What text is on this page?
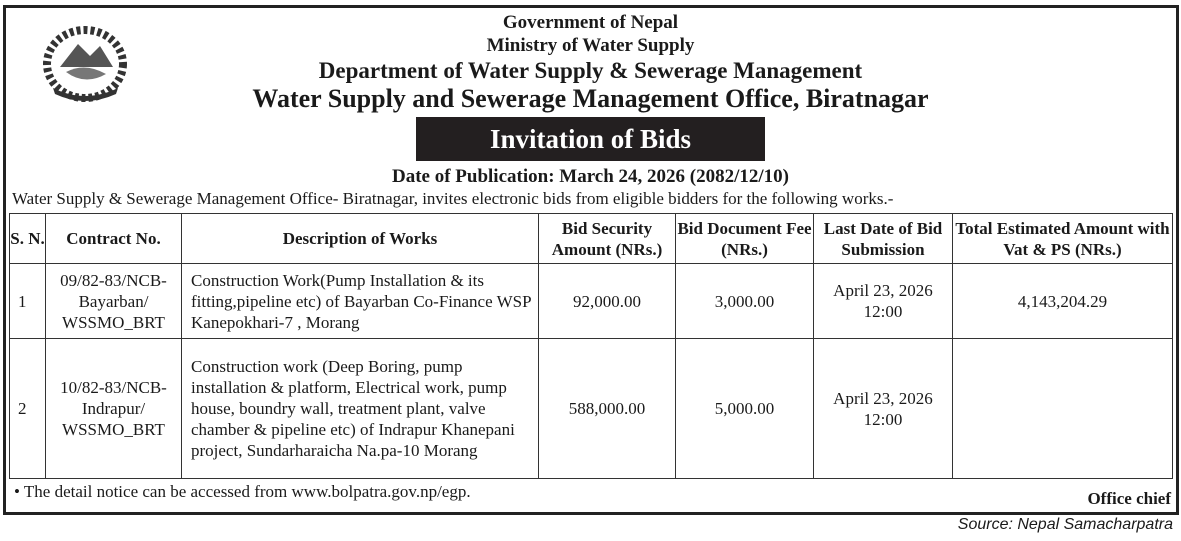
Government of Nepal
Ministry of Water Supply
Department of Water Supply & Sewerage Management
Water Supply and Sewerage Management Office, Biratnagar
Invitation of Bids
Date of Publication: March 24, 2026 (2082/12/10)
Water Supply & Sewerage Management Office- Biratnagar, invites electronic bids from eligible bidders for the following works.-
S. N.	Contract No.	Description of Works	Bid Security Amount (NRs.)	Bid Document Fee (NRs.)	Last Date of Bid Submission	Total Estimated Amount with Vat & PS (NRs.)
1	09/82-83/NCB-Bayarban/ WSSMO_BRT	Construction Work(Pump Installation & its fitting,pipeline etc) of Bayarban Co-Finance WSP Kanepokhari-7 , Morang	92,000.00	3,000.00	April 23, 2026 12:00	4,143,204.29
2	10/82-83/NCB-Indrapur/ WSSMO_BRT	Construction work (Deep Boring, pump installation & platform, Electrical work, pump house, boundry wall, treatment plant, valve chamber & pipeline etc) of Indrapur Khanepani project, Sundarharaicha Na.pa-10 Morang	588,000.00	5,000.00	April 23, 2026 12:00	
• The detail notice can be accessed from www.bolpatra.gov.np/egp.	Office chief
Source: Nepal Samacharpatra
